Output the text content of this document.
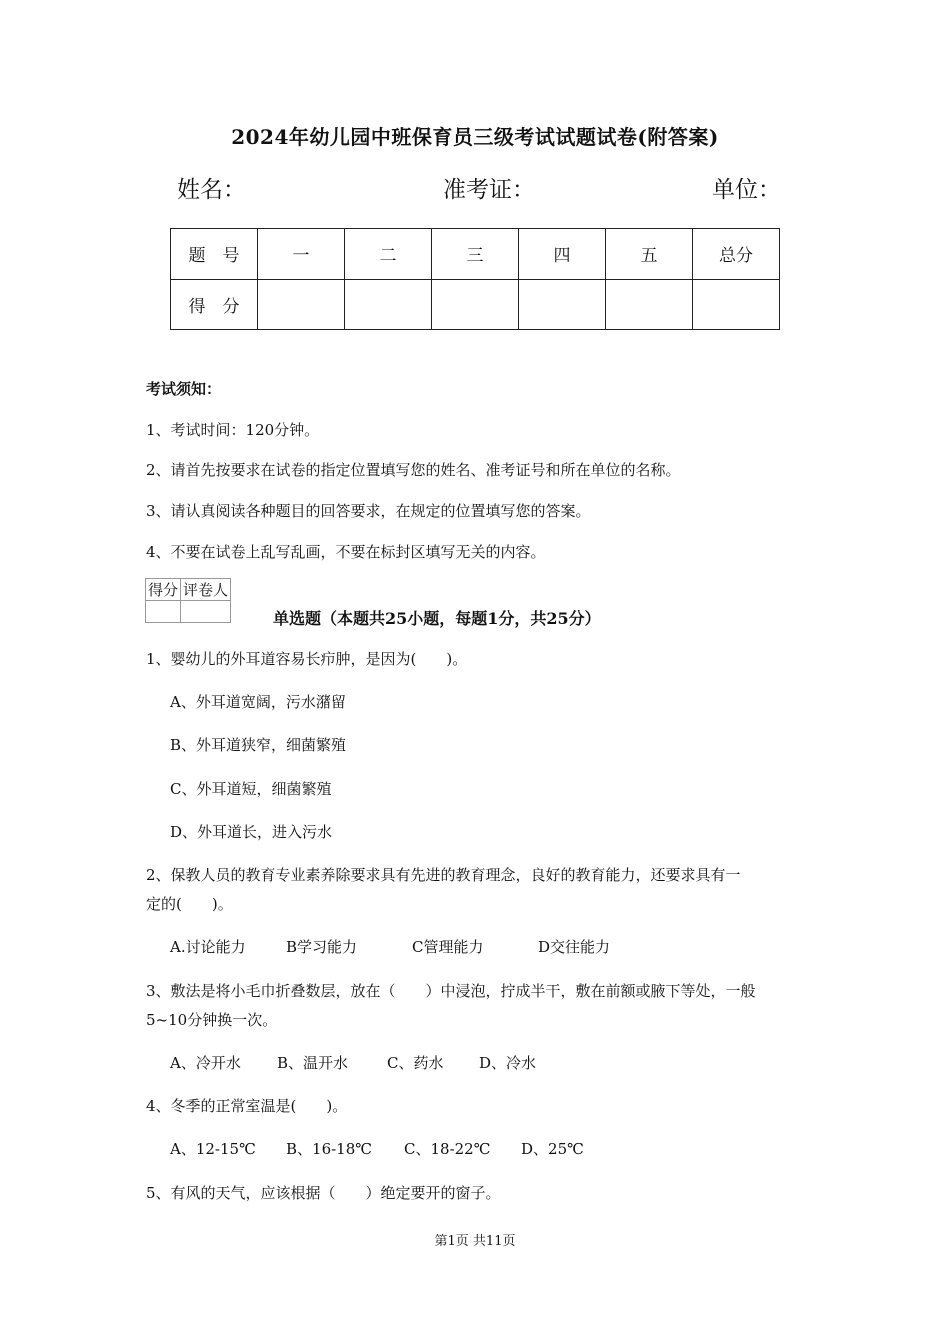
2024年幼儿园中班保育员三级考试试题试卷(附答案)
姓名：	准考证：	单位：
题　号	一	二	三	四	五	总分
得　分						
考试须知：
1、考试时间：120分钟。
2、请首先按要求在试卷的指定位置填写您的姓名、准考证号和所在单位的名称。
3、请认真阅读各种题目的回答要求，在规定的位置填写您的答案。
4、不要在试卷上乱写乱画，不要在标封区填写无关的内容。
得分	评卷人

单选题（本题共25小题，每题1分，共25分）
1、婴幼儿的外耳道容易长疖肿，是因为(　　)。
A、外耳道宽阔，污水潴留
B、外耳道狭窄，细菌繁殖
C、外耳道短，细菌繁殖
D、外耳道长，进入污水
2、保教人员的教育专业素养除要求具有先进的教育理念，良好的教育能力，还要求具有一
定的(　　)。
A.讨论能力	B学习能力	C管理能力	D交往能力
3、敷法是将小毛巾折叠数层，放在（　　）中浸泡，拧成半干，敷在前额或腋下等处，一般
5~10分钟换一次。
A、冷开水 B、温开水	C、药水 D、冷水
4、冬季的正常室温是(　　)。
A、12-15℃ B、16-18℃ C、18-22℃ D、25℃
5、有风的天气，应该根据（　　）绝定要开的窗子。
第1页 共11页
